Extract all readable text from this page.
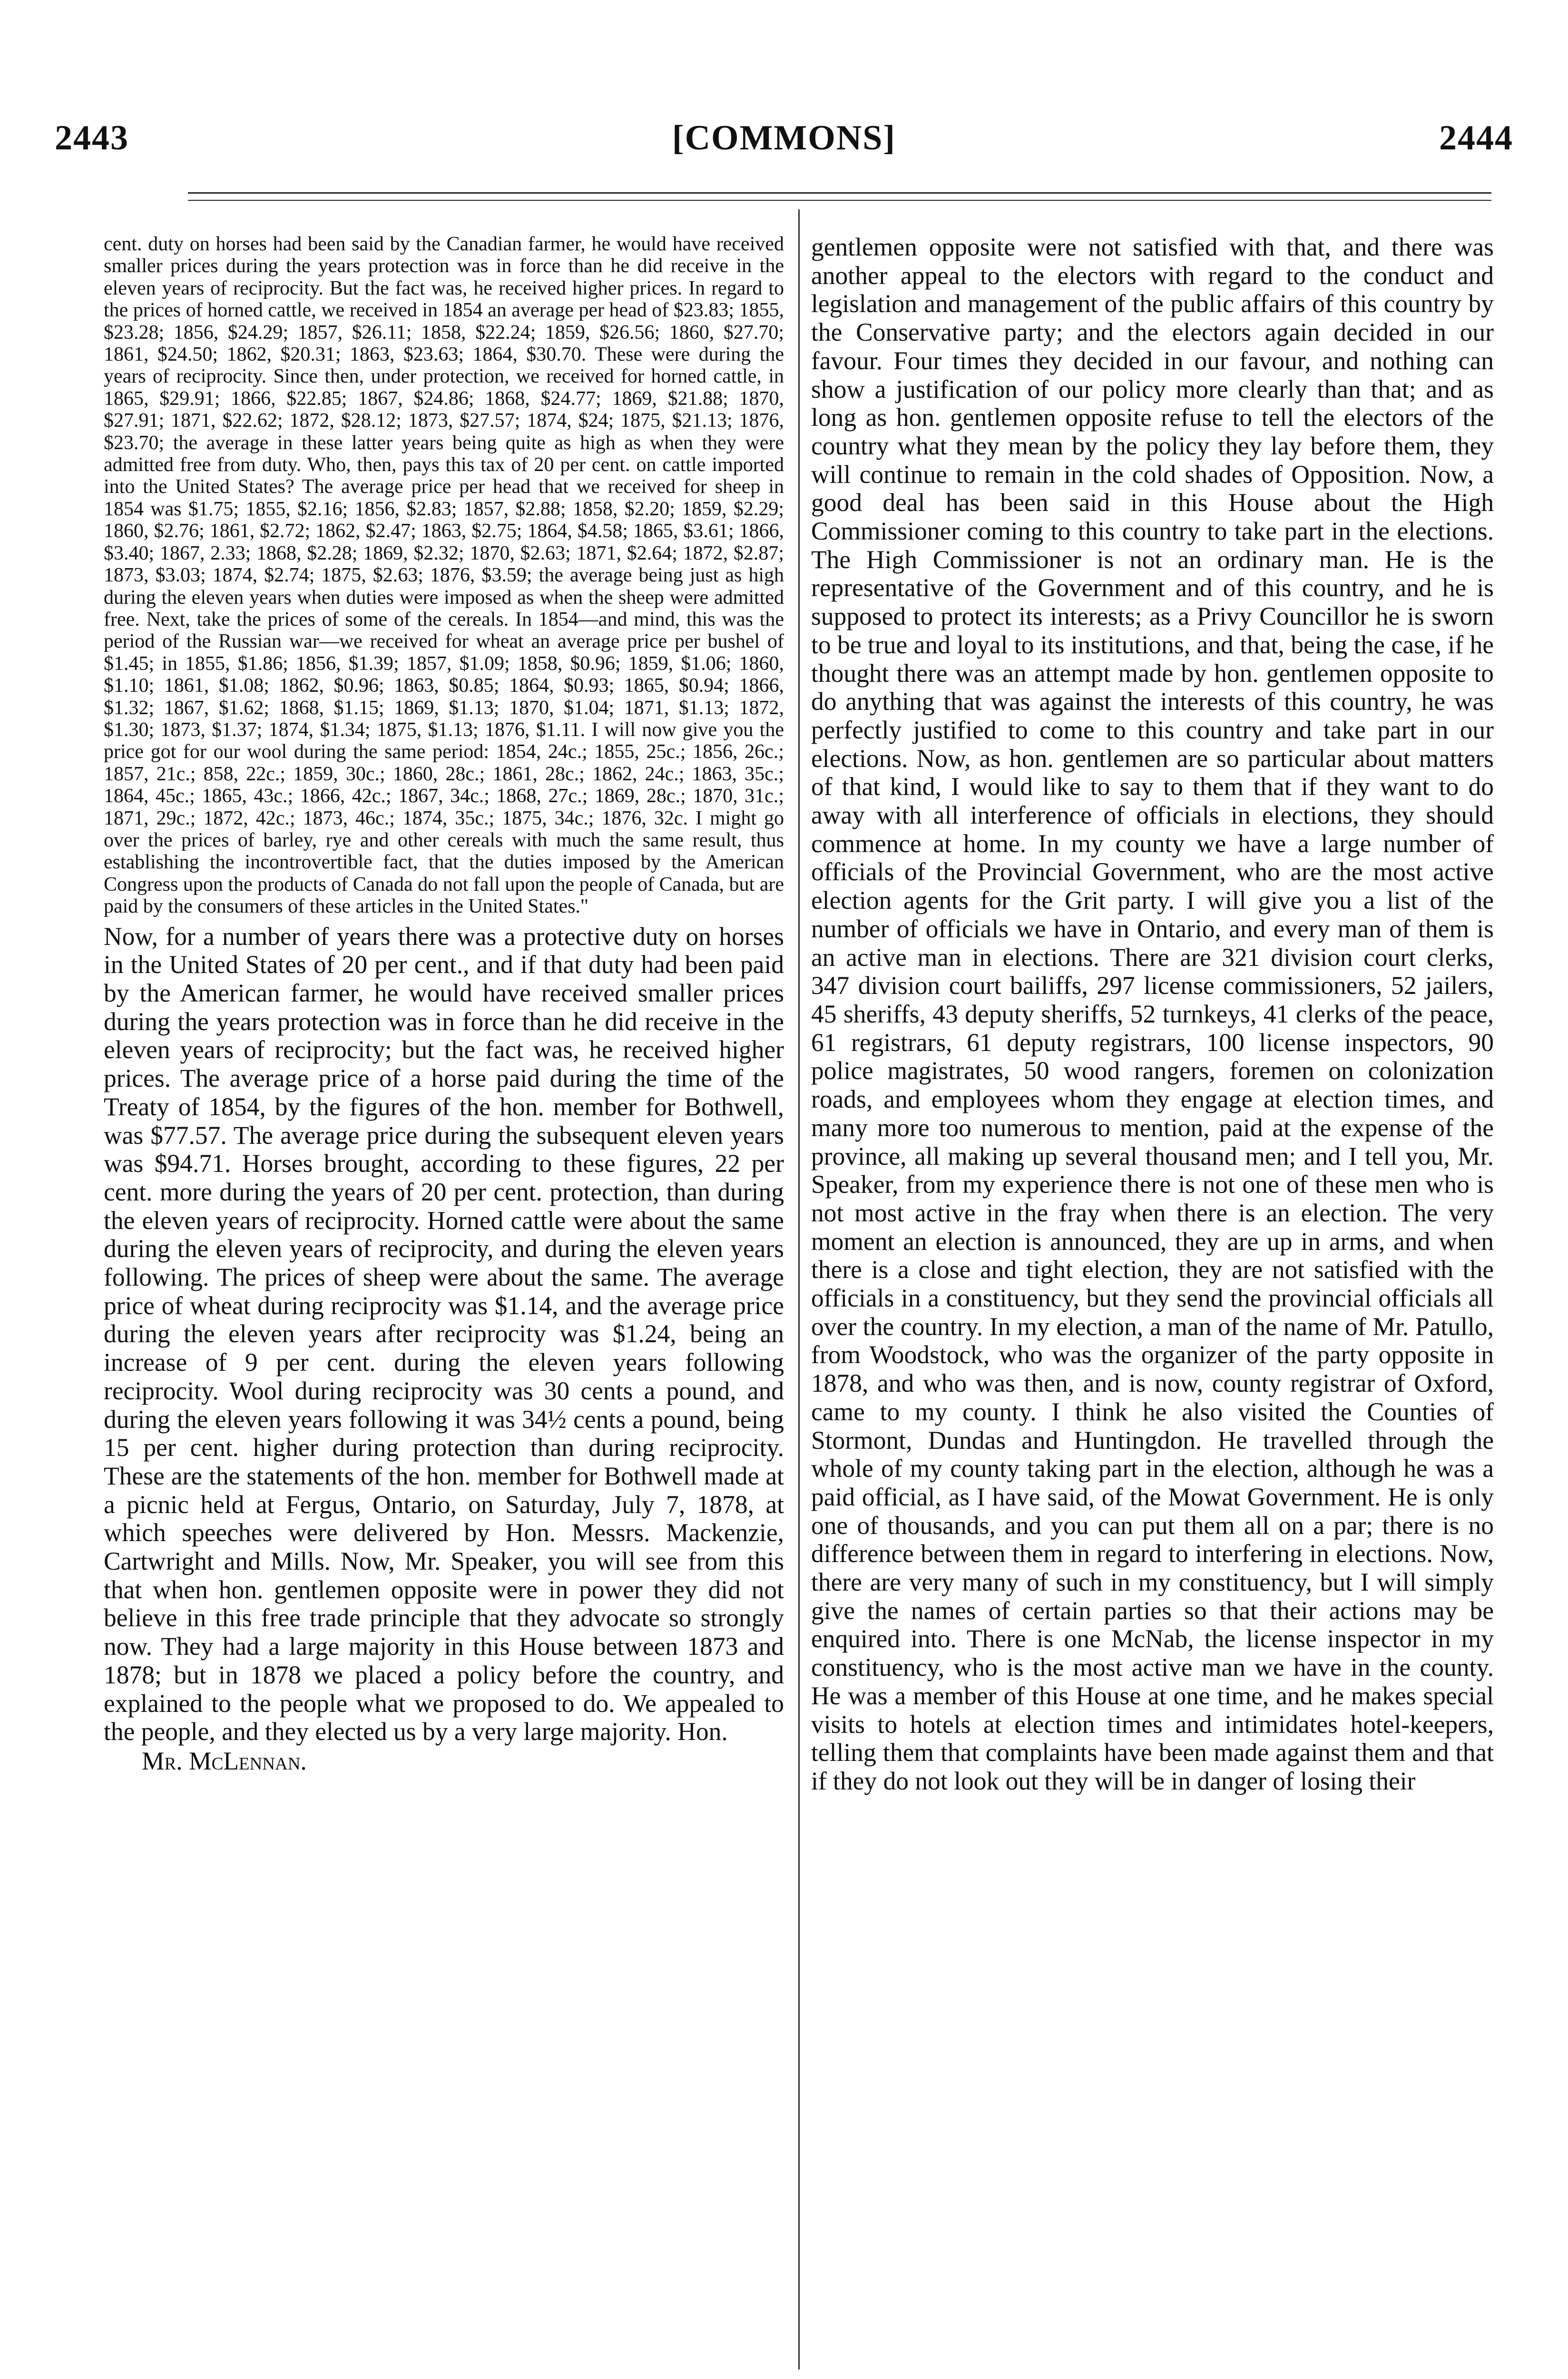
2443	[COMMONS]	2444

cent. duty on horses had been said by the Canadian farmer, he would have received smaller prices during the years protection was in force than he did receive in the eleven years of reciprocity. But the fact was, he received higher prices. In regard to the prices of horned cattle, we received in 1854 an average per head of $23.83; 1855, $23.28; 1856, $24.29; 1857, $26.11; 1858, $22.24; 1859, $26.56; 1860, $27.70; 1861, $24.50; 1862, $20.31; 1863, $23.63; 1864, $30.70. These were during the years of reciprocity. Since then, under protection, we received for horned cattle, in 1865, $29.91; 1866, $22.85; 1867, $24.86; 1868, $24.77; 1869, $21.88; 1870, $27.91; 1871, $22.62; 1872, $28.12; 1873, $27.57; 1874, $24; 1875, $21.13; 1876, $23.70; the average in these latter years being quite as high as when they were admitted free from duty. Who, then, pays this tax of 20 per cent. on cattle imported into the United States? The average price per head that we received for sheep in 1854 was $1.75; 1855, $2.16; 1856, $2.83; 1857, $2.88; 1858, $2.20; 1859, $2.29; 1860, $2.76; 1861, $2.72; 1862, $2.47; 1863, $2.75; 1864, $4.58; 1865, $3.61; 1866, $3.40; 1867, 2.33; 1868, $2.28; 1869, $2.32; 1870, $2.63; 1871, $2.64; 1872, $2.87; 1873, $3.03; 1874, $2.74; 1875, $2.63; 1876, $3.59; the average being just as high during the eleven years when duties were imposed as when the sheep were admitted free. Next, take the prices of some of the cereals. In 1854—and mind, this was the period of the Russian war—we received for wheat an average price per bushel of $1.45; in 1855, $1.86; 1856, $1.39; 1857, $1.09; 1858, $0.96; 1859, $1.06; 1860, $1.10; 1861, $1.08; 1862, $0.96; 1863, $0.85; 1864, $0.93; 1865, $0.94; 1866, $1.32; 1867, $1.62; 1868, $1.15; 1869, $1.13; 1870, $1.04; 1871, $1.13; 1872, $1.30; 1873, $1.37; 1874, $1.34; 1875, $1.13; 1876, $1.11. I will now give you the price got for our wool during the same period: 1854, 24c.; 1855, 25c.; 1856, 26c.; 1857, 21c.; 858, 22c.; 1859, 30c.; 1860, 28c.; 1861, 28c.; 1862, 24c.; 1863, 35c.; 1864, 45c.; 1865, 43c.; 1866, 42c.; 1867, 34c.; 1868, 27c.; 1869, 28c.; 1870, 31c.; 1871, 29c.; 1872, 42c.; 1873, 46c.; 1874, 35c.; 1875, 34c.; 1876, 32c. I might go over the prices of barley, rye and other cereals with much the same result, thus establishing the incontrovertible fact, that the duties imposed by the American Congress upon the products of Canada do not fall upon the people of Canada, but are paid by the consumers of these articles in the United States."

Now, for a number of years there was a protective duty on horses in the United States of 20 per cent., and if that duty had been paid by the American farmer, he would have received smaller prices during the years protection was in force than he did receive in the eleven years of reciprocity; but the fact was, he received higher prices. The average price of a horse paid during the time of the Treaty of 1854, by the figures of the hon. member for Bothwell, was $77.57. The average price during the subsequent eleven years was $94.71. Horses brought, according to these figures, 22 per cent. more during the years of 20 per cent. protection, than during the eleven years of reciprocity. Horned cattle were about the same during the eleven years of reciprocity, and during the eleven years following. The prices of sheep were about the same. The average price of wheat during reciprocity was $1.14, and the average price during the eleven years after reciprocity was $1.24, being an increase of 9 per cent. during the eleven years following reciprocity. Wool during reciprocity was 30 cents a pound, and during the eleven years following it was 34½ cents a pound, being 15 per cent. higher during protection than during reciprocity. These are the statements of the hon. member for Bothwell made at a picnic held at Fergus, Ontario, on Saturday, July 7, 1878, at which speeches were delivered by Hon. Messrs. Mackenzie, Cartwright and Mills. Now, Mr. Speaker, you will see from this that when hon. gentlemen opposite were in power they did not believe in this free trade principle that they advocate so strongly now. They had a large majority in this House between 1873 and 1878; but in 1878 we placed a policy before the country, and explained to the people what we proposed to do. We appealed to the people, and they elected us by a very large majority. Hon.

Mr. McLennan.

gentlemen opposite were not satisfied with that, and there was another appeal to the electors with regard to the conduct and legislation and management of the public affairs of this country by the Conservative party; and the electors again decided in our favour. Four times they decided in our favour, and nothing can show a justification of our policy more clearly than that; and as long as hon. gentlemen opposite refuse to tell the electors of the country what they mean by the policy they lay before them, they will continue to remain in the cold shades of Opposition. Now, a good deal has been said in this House about the High Commissioner coming to this country to take part in the elections. The High Commissioner is not an ordinary man. He is the representative of the Government and of this country, and he is supposed to protect its interests; as a Privy Councillor he is sworn to be true and loyal to its institutions, and that, being the case, if he thought there was an attempt made by hon. gentlemen opposite to do anything that was against the interests of this country, he was perfectly justified to come to this country and take part in our elections. Now, as hon. gentlemen are so particular about matters of that kind, I would like to say to them that if they want to do away with all interference of officials in elections, they should commence at home. In my county we have a large number of officials of the Provincial Government, who are the most active election agents for the Grit party. I will give you a list of the number of officials we have in Ontario, and every man of them is an active man in elections. There are 321 division court clerks, 347 division court bailiffs, 297 license commissioners, 52 jailers, 45 sheriffs, 43 deputy sheriffs, 52 turnkeys, 41 clerks of the peace, 61 registrars, 61 deputy registrars, 100 license inspectors, 90 police magistrates, 50 wood rangers, foremen on colonization roads, and employees whom they engage at election times, and many more too numerous to mention, paid at the expense of the province, all making up several thousand men; and I tell you, Mr. Speaker, from my experience there is not one of these men who is not most active in the fray when there is an election. The very moment an election is announced, they are up in arms, and when there is a close and tight election, they are not satisfied with the officials in a constituency, but they send the provincial officials all over the country. In my election, a man of the name of Mr. Patullo, from Woodstock, who was the organizer of the party opposite in 1878, and who was then, and is now, county registrar of Oxford, came to my county. I think he also visited the Counties of Stormont, Dundas and Huntingdon. He travelled through the whole of my county taking part in the election, although he was a paid official, as I have said, of the Mowat Government. He is only one of thousands, and you can put them all on a par; there is no difference between them in regard to interfering in elections. Now, there are very many of such in my constituency, but I will simply give the names of certain parties so that their actions may be enquired into. There is one McNab, the license inspector in my constituency, who is the most active man we have in the county. He was a member of this House at one time, and he makes special visits to hotels at election times and intimidates hotel-keepers, telling them that complaints have been made against them and that if they do not look out they will be in danger of losing their
